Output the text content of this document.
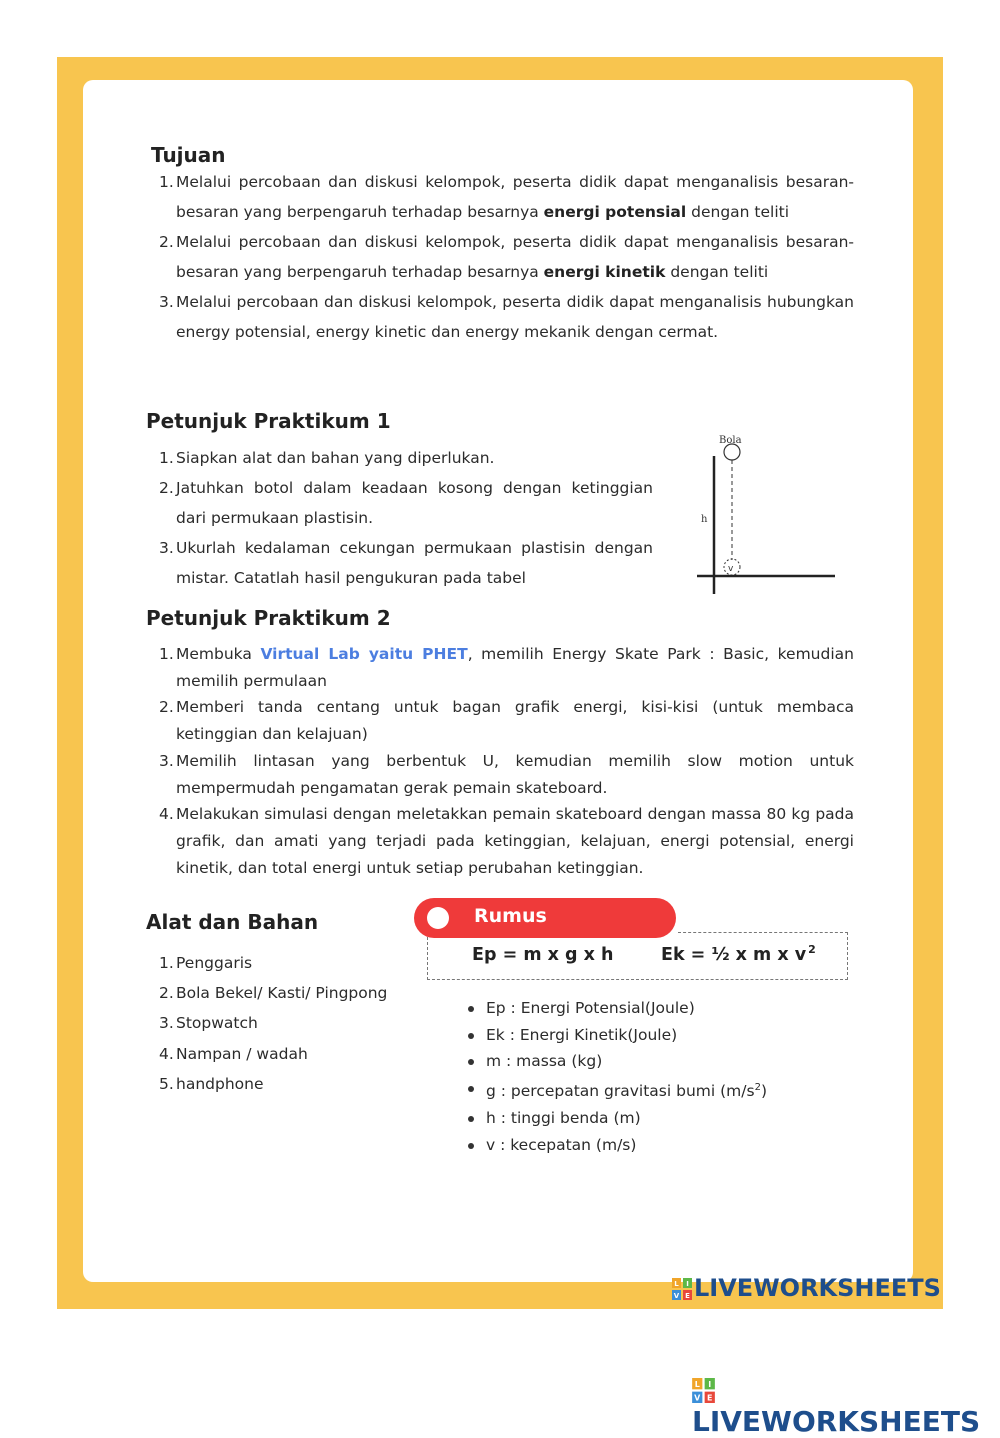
Tujuan
1. Melalui percobaan dan diskusi kelompok, peserta didik dapat menganalisis besaran-besaran yang berpengaruh terhadap besarnya energi potensial dengan teliti
2. Melalui percobaan dan diskusi kelompok, peserta didik dapat menganalisis besaran-besaran yang berpengaruh terhadap besarnya energi kinetik dengan teliti
3. Melalui percobaan dan diskusi kelompok, peserta didik dapat menganalisis hubungkan energy potensial, energy kinetic dan energy mekanik dengan cermat.
Petunjuk Praktikum 1
1. Siapkan alat dan bahan yang diperlukan.
2. Jatuhkan botol dalam keadaan kosong dengan ketinggian dari permukaan plastisin.
3. Ukurlah kedalaman cekungan permukaan plastisin dengan mistar. Catatlah hasil pengukuran pada tabel
Bola
v
h
Petunjuk Praktikum 2
1. Membuka Virtual Lab yaitu PHET, memilih Energy Skate Park : Basic, kemudian memilih permulaan
2. Memberi tanda centang untuk bagan grafik energi, kisi-kisi (untuk membaca ketinggian dan kelajuan)
3. Memilih lintasan yang berbentuk U, kemudian memilih slow motion untuk mempermudah pengamatan gerak pemain skateboard.
4. Melakukan simulasi dengan meletakkan pemain skateboard dengan massa 80 kg pada grafik, dan amati yang terjadi pada ketinggian, kelajuan, energi potensial, energi kinetik, dan total energi untuk setiap perubahan ketinggian.
Alat dan Bahan
1. Penggaris
2. Bola Bekel/ Kasti/ Pingpong
3. Stopwatch
4. Nampan / wadah
5. handphone
Ep = m x g x h	Ek = ½ x m x v $^2$
Rumus
Ep : Energi Potensial(Joule)
Ek : Energi Kinetik(Joule)
m : massa (kg)
g : percepatan gravitasi bumi $(m/s^2)$
h : tinggi benda (m)
v : kecepatan (m/s)
L I
V E LIVEWORKSHEETS
L I
V E
LIVEWORKSHEETS
